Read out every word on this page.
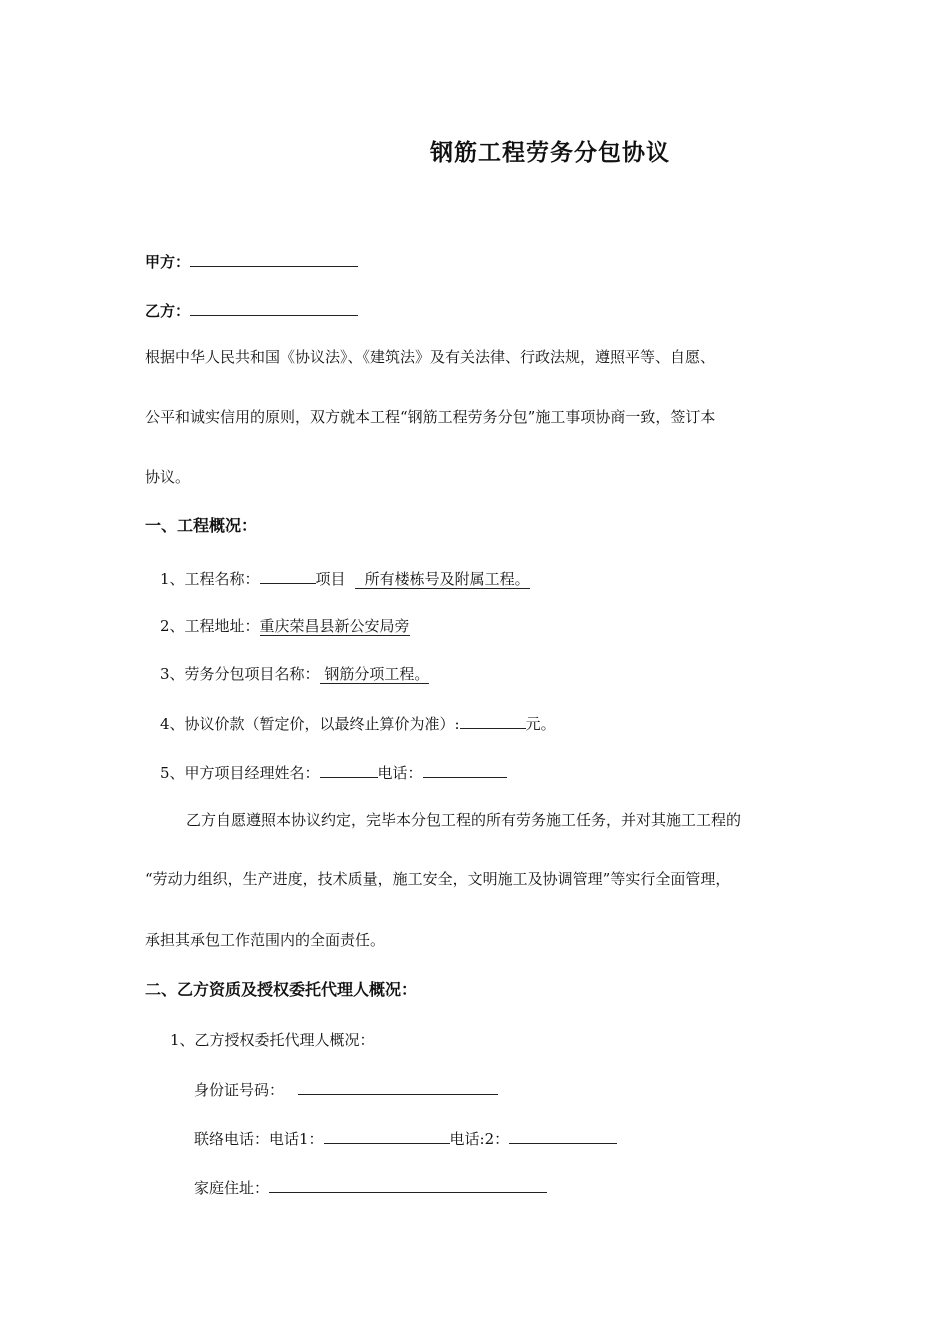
钢筋工程劳务分包协议
甲方：
乙方：
根据中华人民共和国《协议法》、《建筑法》及有关法律、行政法规，遵照平等、自愿、
公平和诚实信用的原则，双方就本工程“钢筋工程劳务分包”施工事项协商一致，签订本
协议。
一、工程概况：
1、工程名称：	项目    所有楼栋号及附属工程。
2、工程地址：重庆荣昌县新公安局旁
3、劳务分包项目名称： 钢筋分项工程。
4、协议价款（暂定价，以最终止算价为准）:	元。
5、甲方项目经理姓名：	电话：
乙方自愿遵照本协议约定，完毕本分包工程的所有劳务施工任务，并对其施工工程的
“劳动力组织，生产进度，技术质量，施工安全，文明施工及协调管理”等实行全面管理，
承担其承包工作范围内的全面责任。
二、乙方资质及授权委托代理人概况：
1、乙方授权委托代理人概况：
身份证号码：
联络电话：电话1：	电话:2：
家庭住址：
